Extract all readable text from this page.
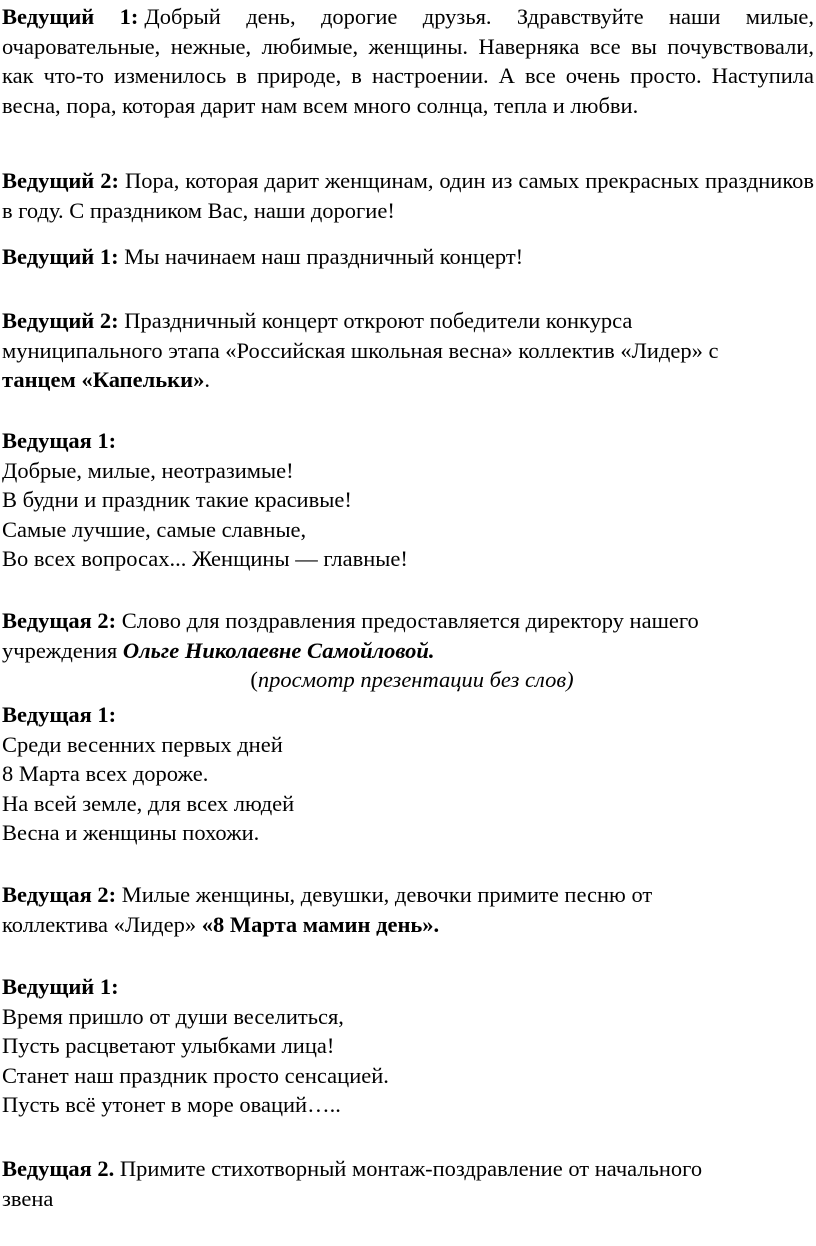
Ведущий 1: Добрый день, дорогие друзья. Здравствуйте наши милые, очаровательные, нежные, любимые, женщины. Наверняка все вы почувствовали, как что-то изменилось в природе, в настроении. А все очень просто. Наступила весна, пора, которая дарит нам всем много солнца, тепла и любви.
Ведущий 2: Пора, которая дарит женщинам, один из самых прекрасных праздников в году. С праздником Вас, наши дорогие!
Ведущий 1: Мы начинаем наш праздничный концерт!
Ведущий 2: Праздничный концерт откроют победители конкурса
муниципального этапа «Российская школьная весна» коллектив «Лидер» с
танцем «Капельки».
Ведущая 1:
Добрые, милые, неотразимые!
В будни и праздник такие красивые!
Самые лучшие, самые славные,
Во всех вопросах... Женщины — главные!
Ведущая 2: Слово для поздравления предоставляется директору нашего
учреждения Ольге Николаевне Самойловой.
(просмотр презентации без слов)
Ведущая 1:
Среди весенних первых дней
8 Марта всех дороже.
На всей земле, для всех людей
Весна и женщины похожи.
Ведущая 2: Милые женщины, девушки, девочки примите песню от
коллектива «Лидер» «8 Марта мамин день».
Ведущий 1:
Время пришло от души веселиться,
Пусть расцветают улыбками лица!
Станет наш праздник просто сенсацией.
Пусть всё утонет в море оваций…..
Ведущая 2. Примите стихотворный монтаж-поздравление от начального
звена
